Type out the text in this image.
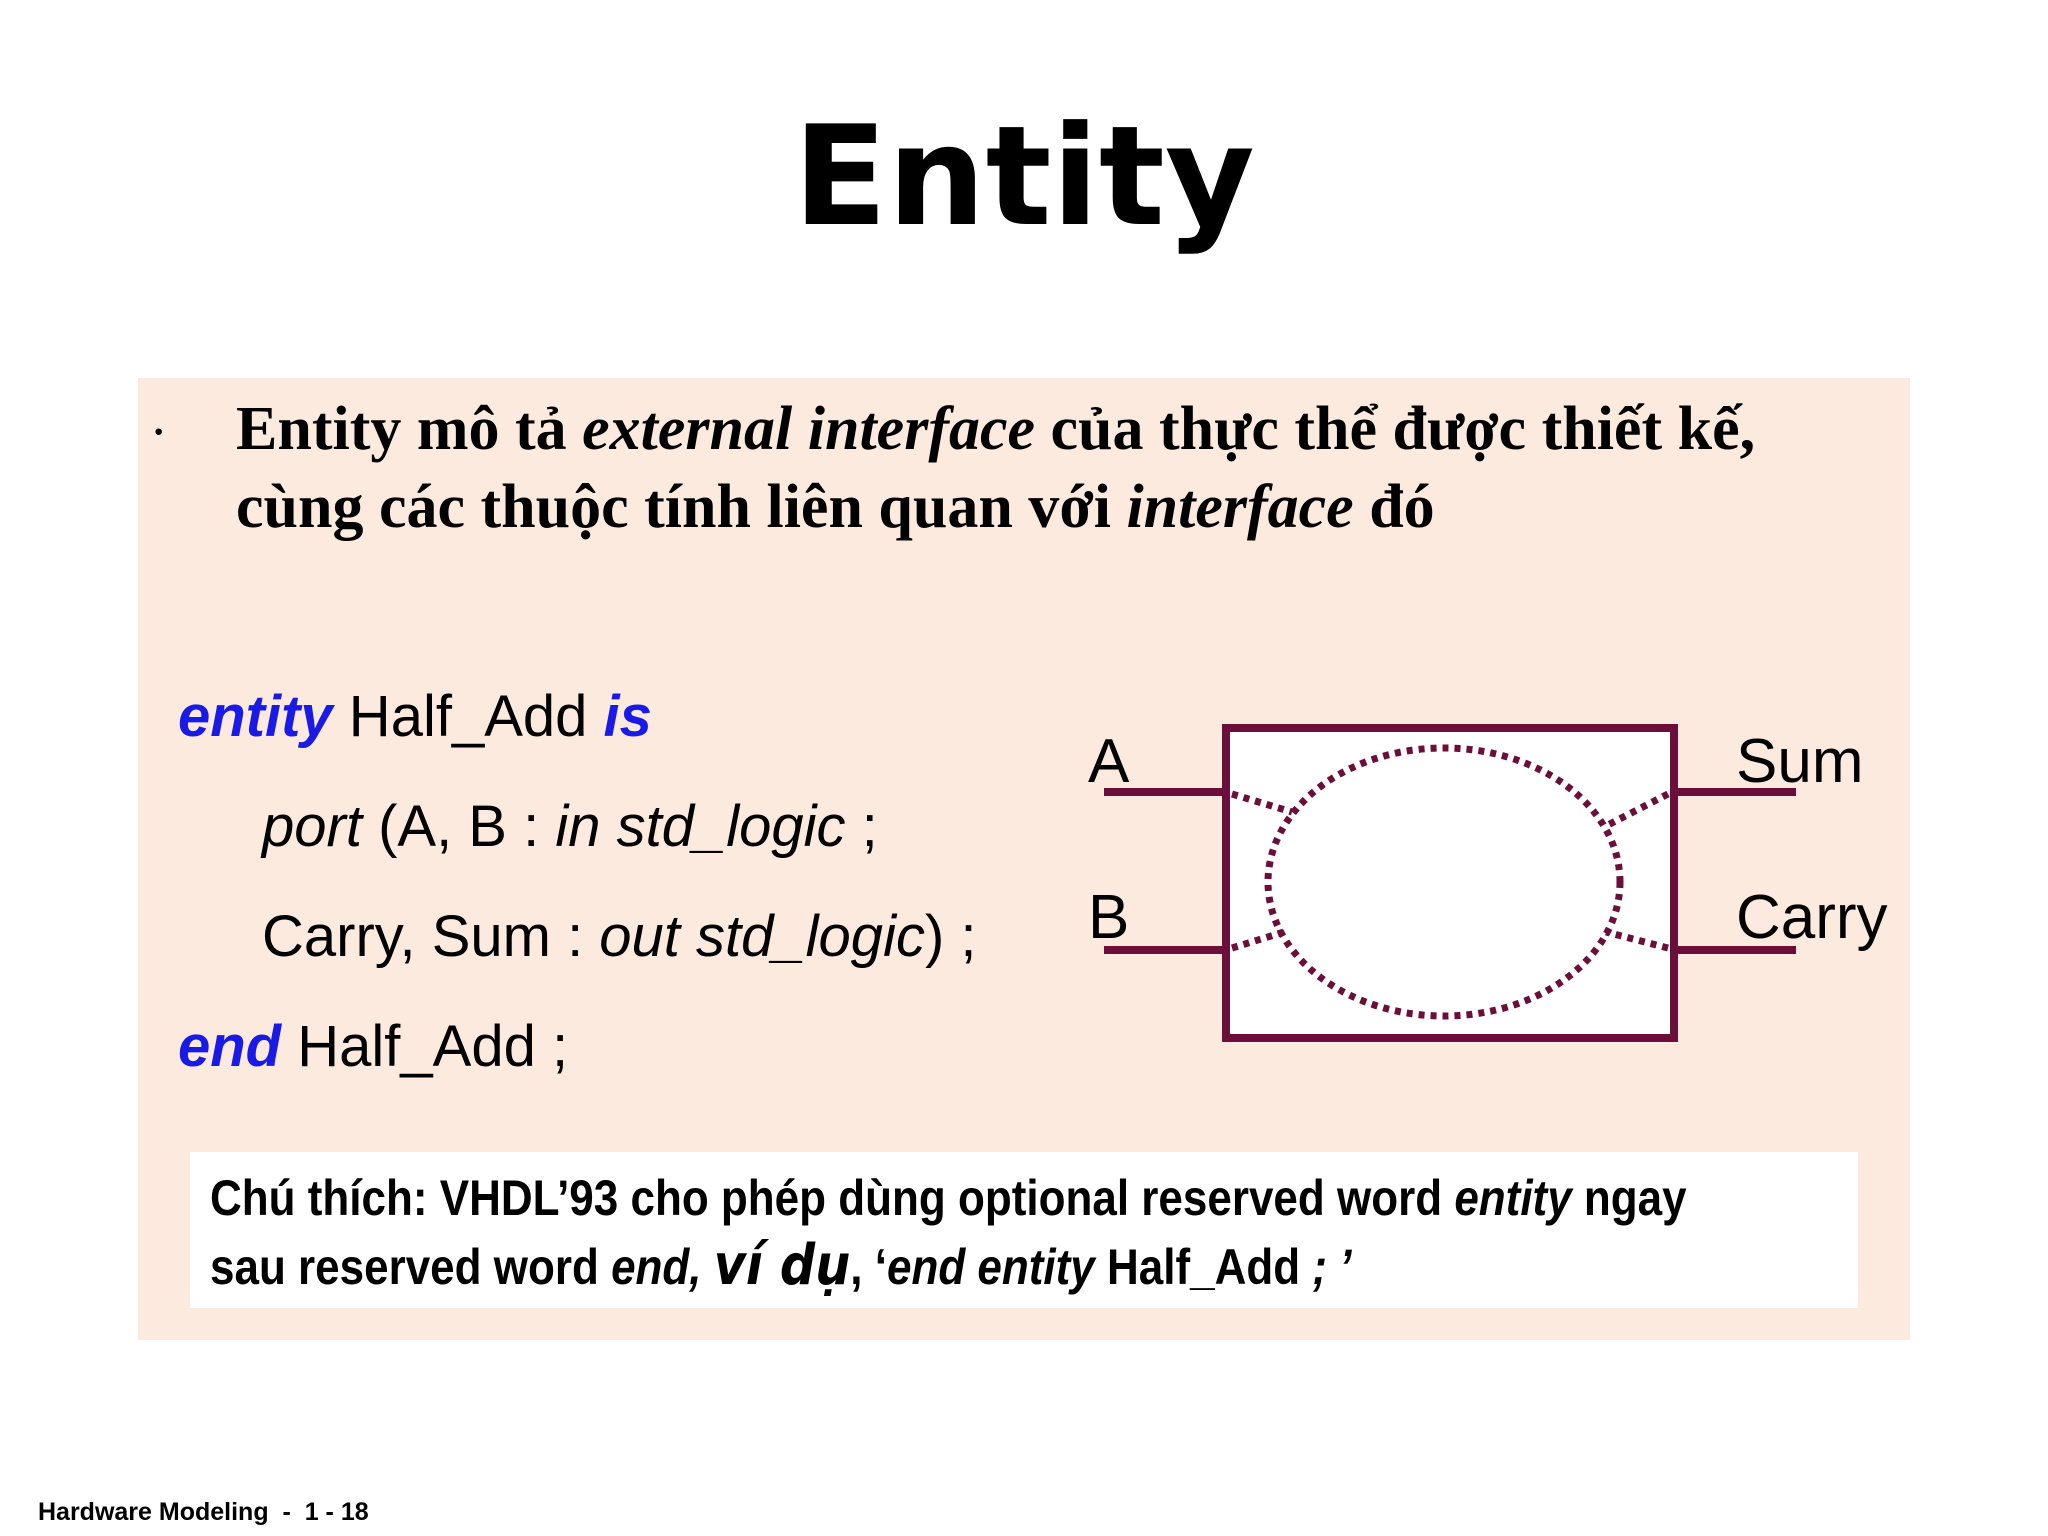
Entity
· Entity mô tả external interface của thực thể được thiết kế, cùng các thuộc tính liên quan với interface đó
entity Half_Add is
port (A, B : in std_logic ;
Carry, Sum : out std_logic) ;
end Half_Add ;
A
B
Sum
Carry
Chú thích: VHDL’93 cho phép dùng optional reserved word entity ngay
sau reserved word end, ví dụ, ‘end entity Half_Add ; ’
Hardware Modeling  -  1 - 18
